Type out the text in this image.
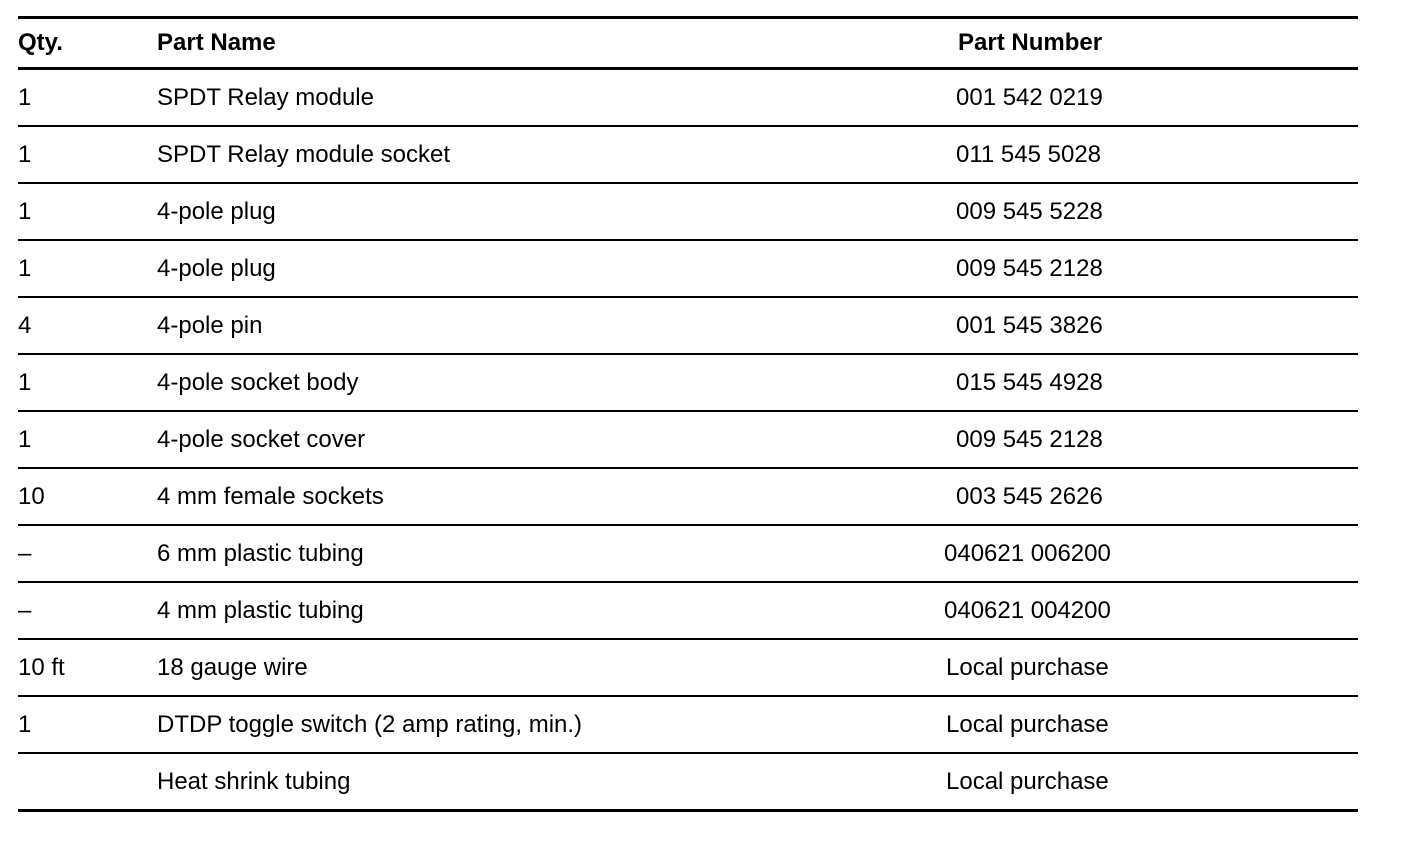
Qty.	Part Name	Part Number
1	SPDT Relay module	001 542 0219
1	SPDT Relay module socket	011 545 5028
1	4-pole plug	009 545 5228
1	4-pole plug	009 545 2128
4	4-pole pin	001 545 3826
1	4-pole socket body	015 545 4928
1	4-pole socket cover	009 545 2128
10	4 mm female sockets	003 545 2626
–	6 mm plastic tubing	040621 006200
–	4 mm plastic tubing	040621 004200
10 ft	18 gauge wire	Local purchase
1	DTDP toggle switch (2 amp rating, min.)	Local purchase
	Heat shrink tubing	Local purchase
